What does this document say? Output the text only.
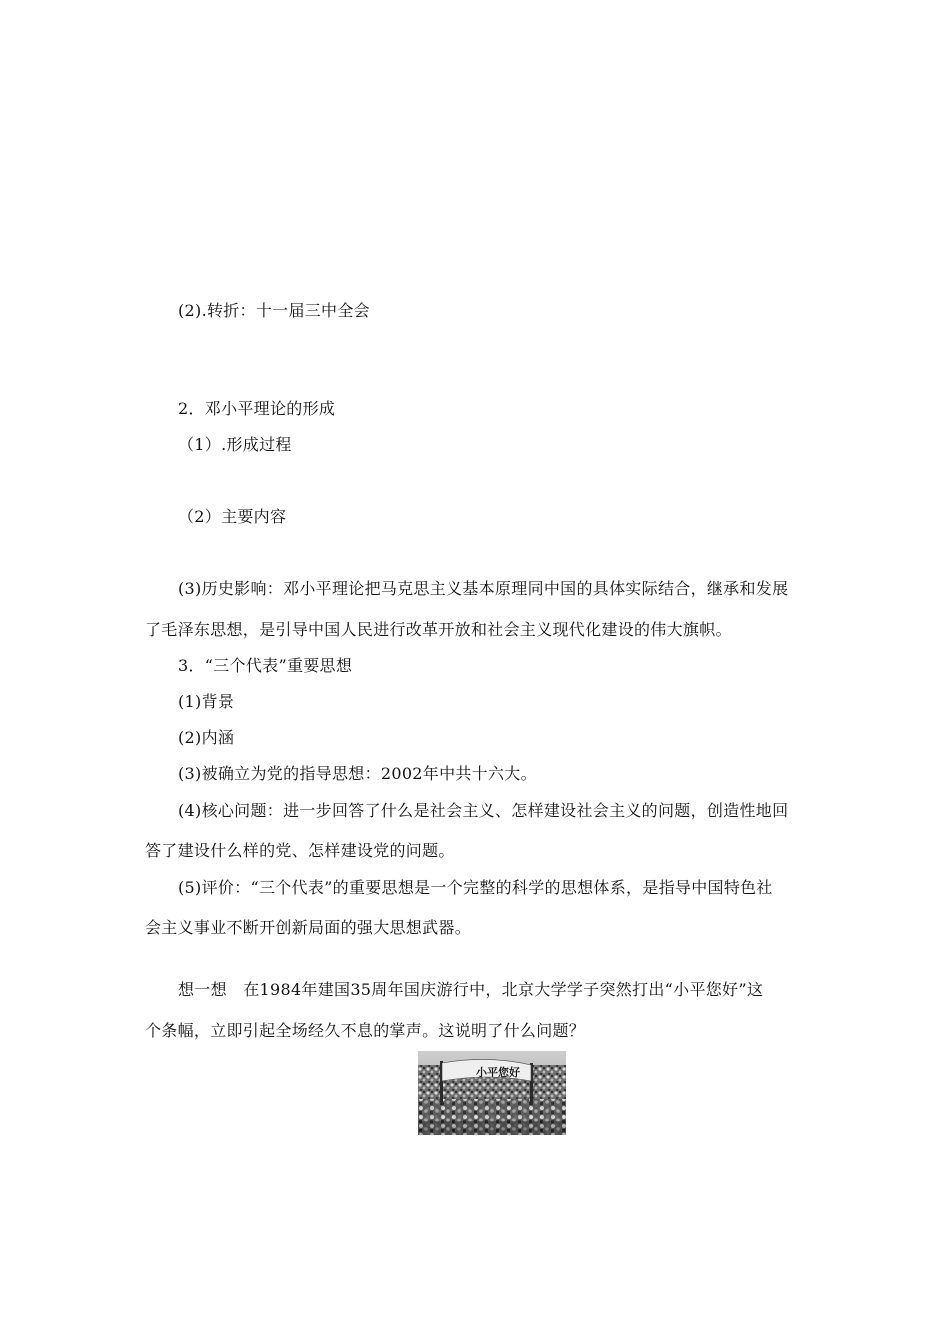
(2).转折：十一届三中全会
2．邓小平理论的形成
（1）.形成过程
（2）主要内容
(3)历史影响：邓小平理论把马克思主义基本原理同中国的具体实际结合，继承和发展
了毛泽东思想，是引导中国人民进行改革开放和社会主义现代化建设的伟大旗帜。
3．“三个代表”重要思想
(1)背景
(2)内涵
(3)被确立为党的指导思想：2002年中共十六大。
(4)核心问题：进一步回答了什么是社会主义、怎样建设社会主义的问题，创造性地回
答了建设什么样的党、怎样建设党的问题。
(5)评价：“三个代表”的重要思想是一个完整的科学的思想体系，是指导中国特色社
会主义事业不断开创新局面的强大思想武器。
想一想　在1984年建国35周年国庆游行中，北京大学学子突然打出“小平您好”这
个条幅，立即引起全场经久不息的掌声。这说明了什么问题？
小平您好
